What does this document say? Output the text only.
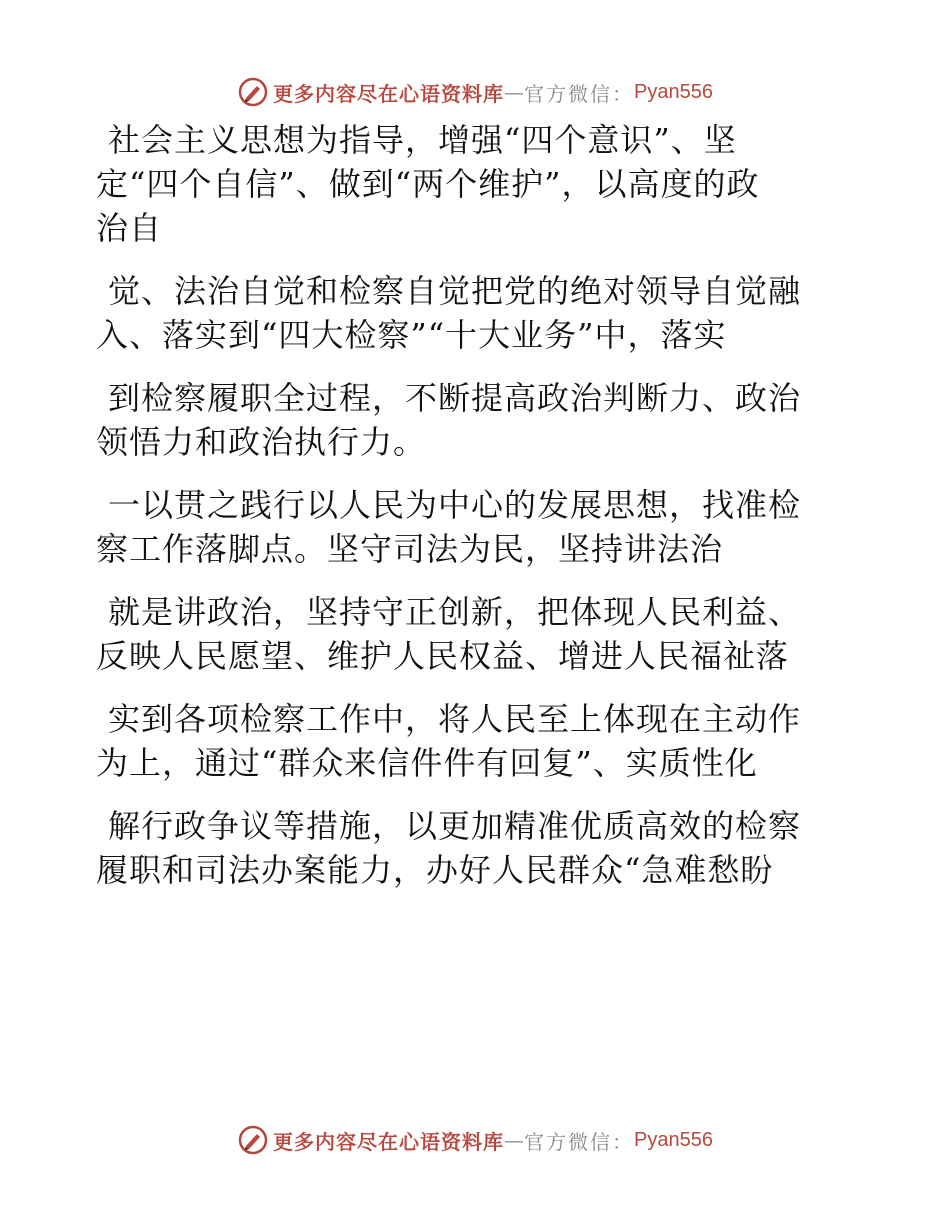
更多内容尽在心语资料库 — 官方微信： Pyan556
社会主义思想为指导，增强“四个意识”、坚
定“四个自信”、做到“两个维护”，以高度的政
治自
觉、法治自觉和检察自觉把党的绝对领导自觉融
入、落实到“四大检察”“十大业务”中，落实
到检察履职全过程，不断提高政治判断力、政治
领悟力和政治执行力。
一以贯之践行以人民为中心的发展思想，找准检
察工作落脚点。坚守司法为民，坚持讲法治
就是讲政治，坚持守正创新，把体现人民利益、
反映人民愿望、维护人民权益、增进人民福祉落
实到各项检察工作中，将人民至上体现在主动作
为上，通过“群众来信件件有回复”、实质性化
解行政争议等措施，以更加精准优质高效的检察
履职和司法办案能力，办好人民群众“急难愁盼
更多内容尽在心语资料库 — 官方微信： Pyan556
